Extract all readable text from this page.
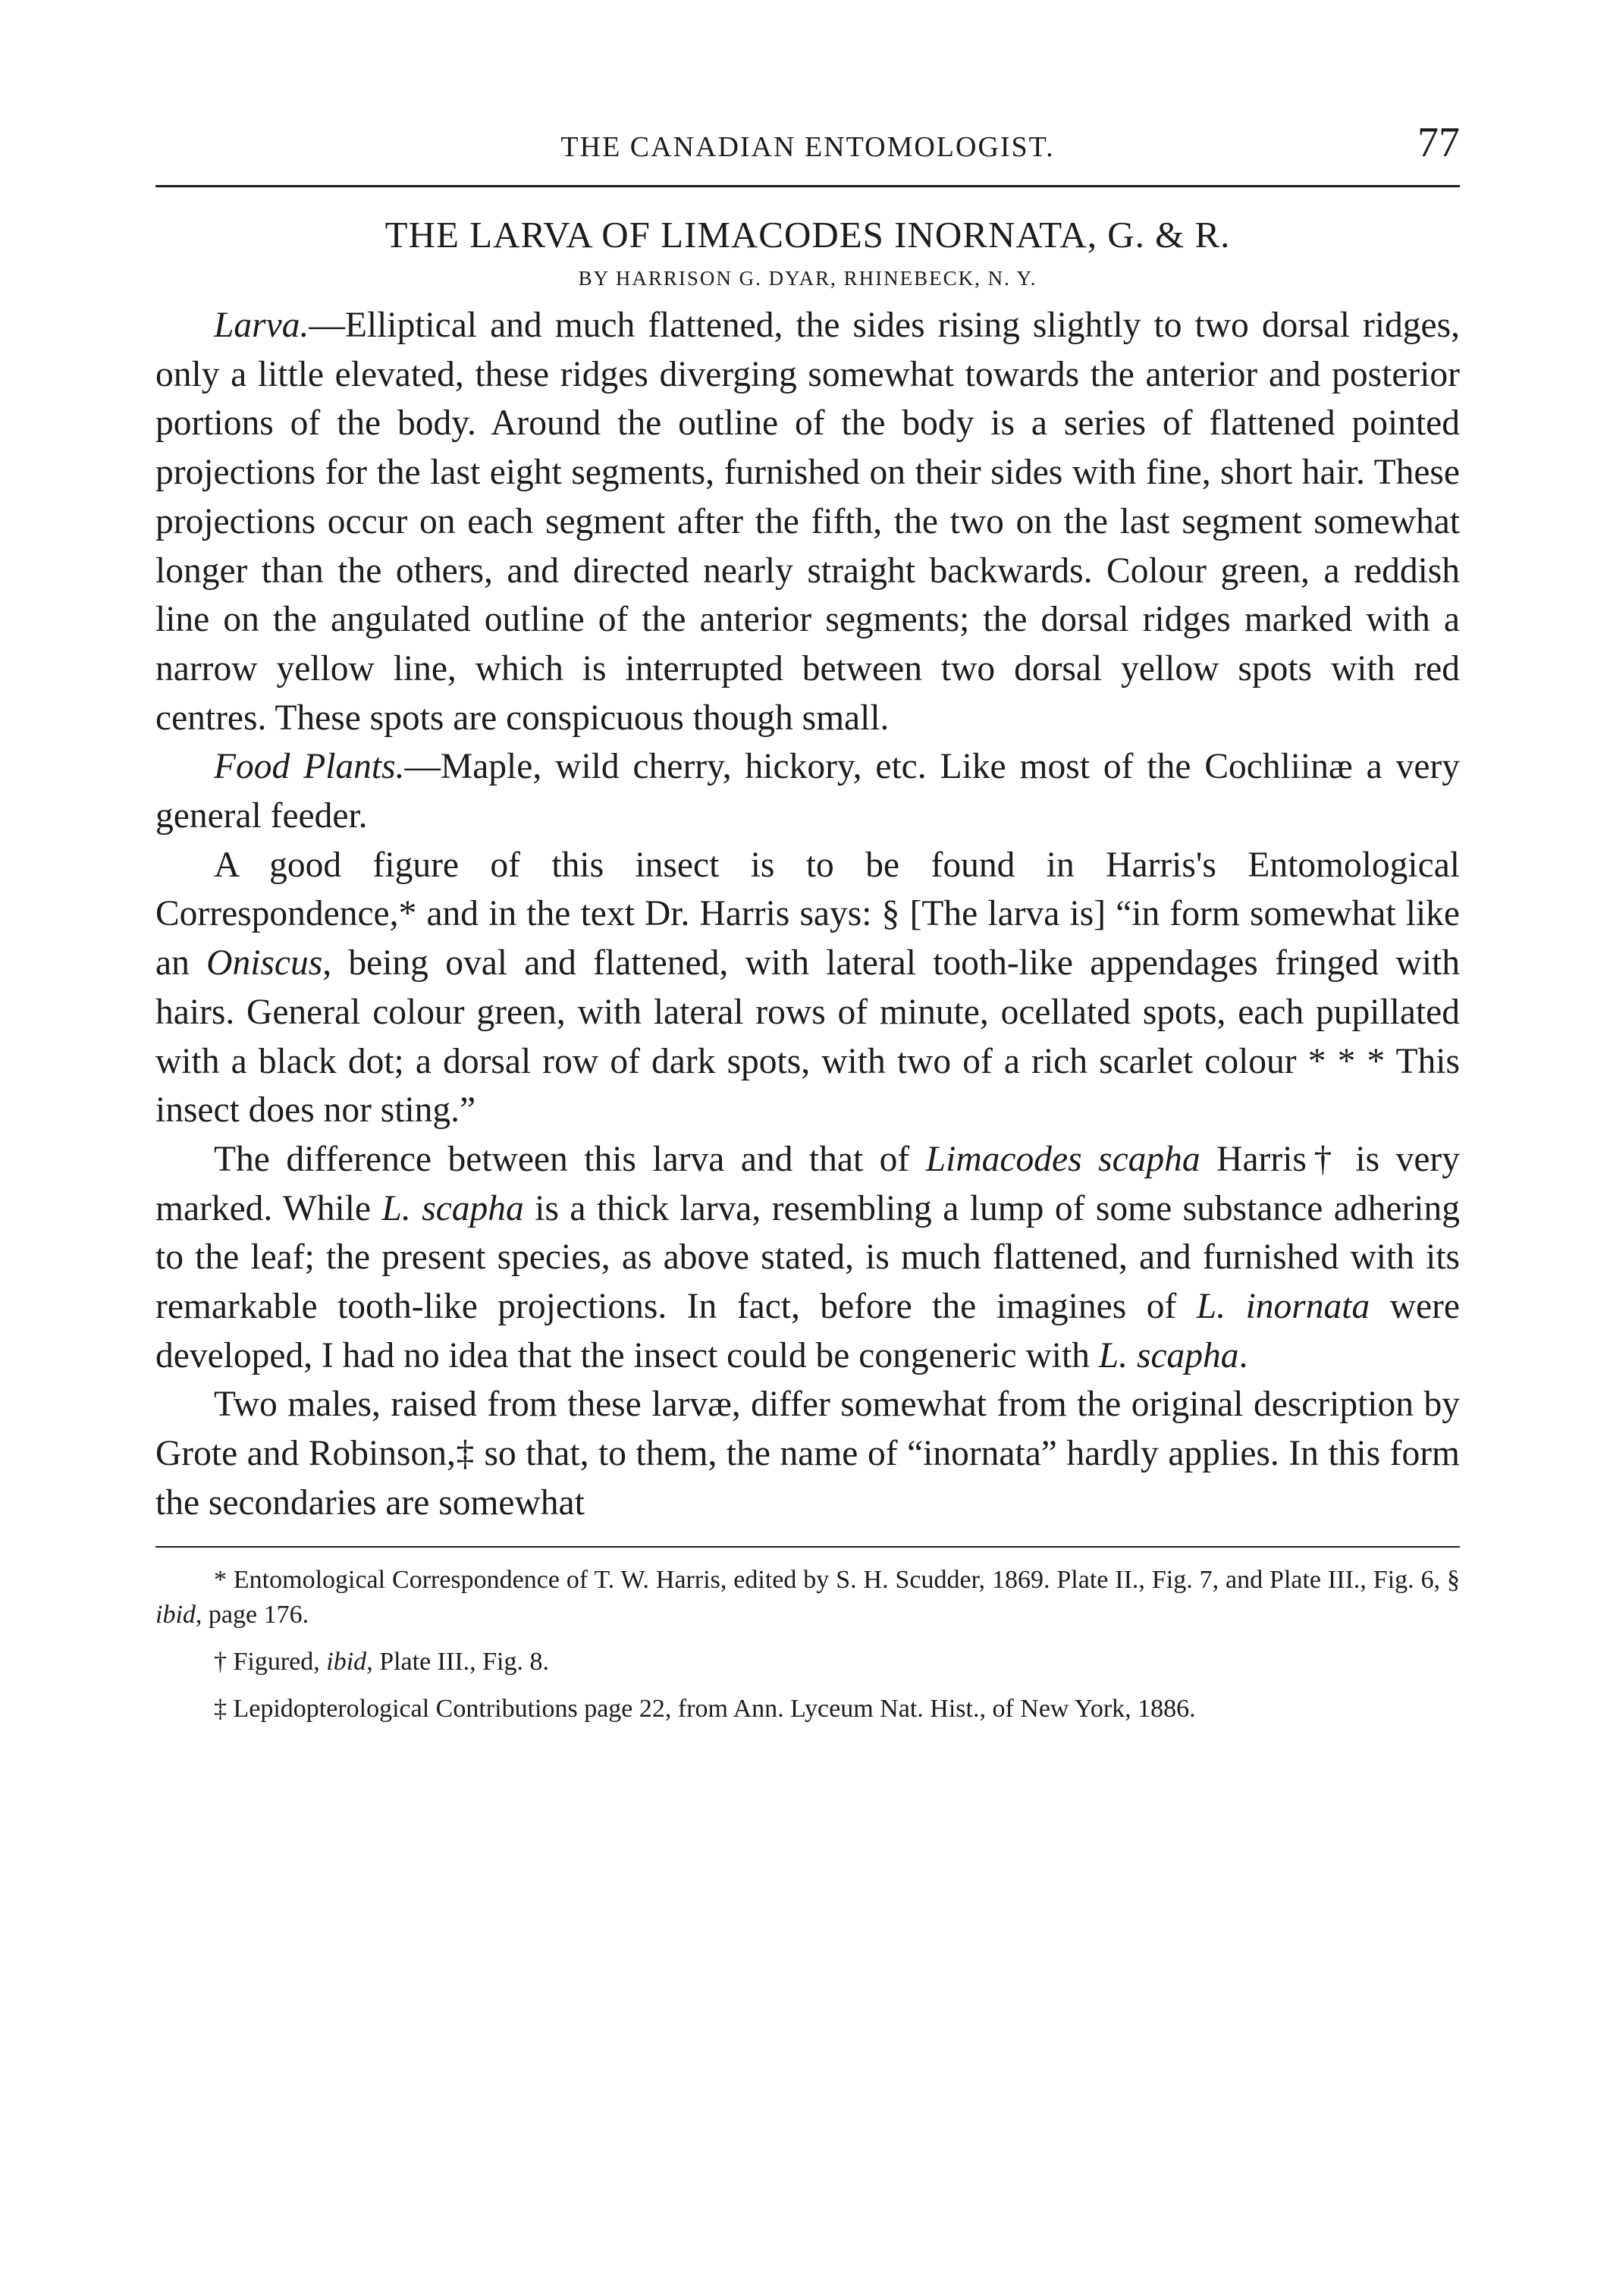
THE CANADIAN ENTOMOLOGIST.	77
THE LARVA OF LIMACODES INORNATA, G. & R.
BY HARRISON G. DYAR, RHINEBECK, N. Y.

Larva.—Elliptical and much flattened, the sides rising slightly to two dorsal ridges, only a little elevated, these ridges diverging somewhat towards the anterior and posterior portions of the body. Around the outline of the body is a series of flattened pointed projections for the last eight segments, furnished on their sides with fine, short hair. These projections occur on each segment after the fifth, the two on the last segment somewhat longer than the others, and directed nearly straight backwards. Colour green, a reddish line on the angulated outline of the anterior segments; the dorsal ridges marked with a narrow yellow line, which is interrupted between two dorsal yellow spots with red centres. These spots are conspicuous though small.

Food Plants.—Maple, wild cherry, hickory, etc. Like most of the Cochliinæ a very general feeder.

A good figure of this insect is to be found in Harris's Entomological Correspondence,* and in the text Dr. Harris says: § [The larva is] “in form somewhat like an Oniscus, being oval and flattened, with lateral tooth-like appendages fringed with hairs. General colour green, with lateral rows of minute, ocellated spots, each pupillated with a black dot; a dorsal row of dark spots, with two of a rich scarlet colour * * * This insect does nor sting.”

The difference between this larva and that of Limacodes scapha Harris† is very marked. While L. scapha is a thick larva, resembling a lump of some substance adhering to the leaf; the present species, as above stated, is much flattened, and furnished with its remarkable tooth-like projections. In fact, before the imagines of L. inornata were developed, I had no idea that the insect could be congeneric with L. scapha.

Two males, raised from these larvæ, differ somewhat from the original description by Grote and Robinson,‡ so that, to them, the name of “inornata” hardly applies. In this form the secondaries are somewhat

* Entomological Correspondence of T. W. Harris, edited by S. H. Scudder, 1869. Plate II., Fig. 7, and Plate III., Fig. 6, § ibid, page 176.

† Figured, ibid, Plate III., Fig. 8.

‡ Lepidopterological Contributions page 22, from Ann. Lyceum Nat. Hist., of New York, 1886.
